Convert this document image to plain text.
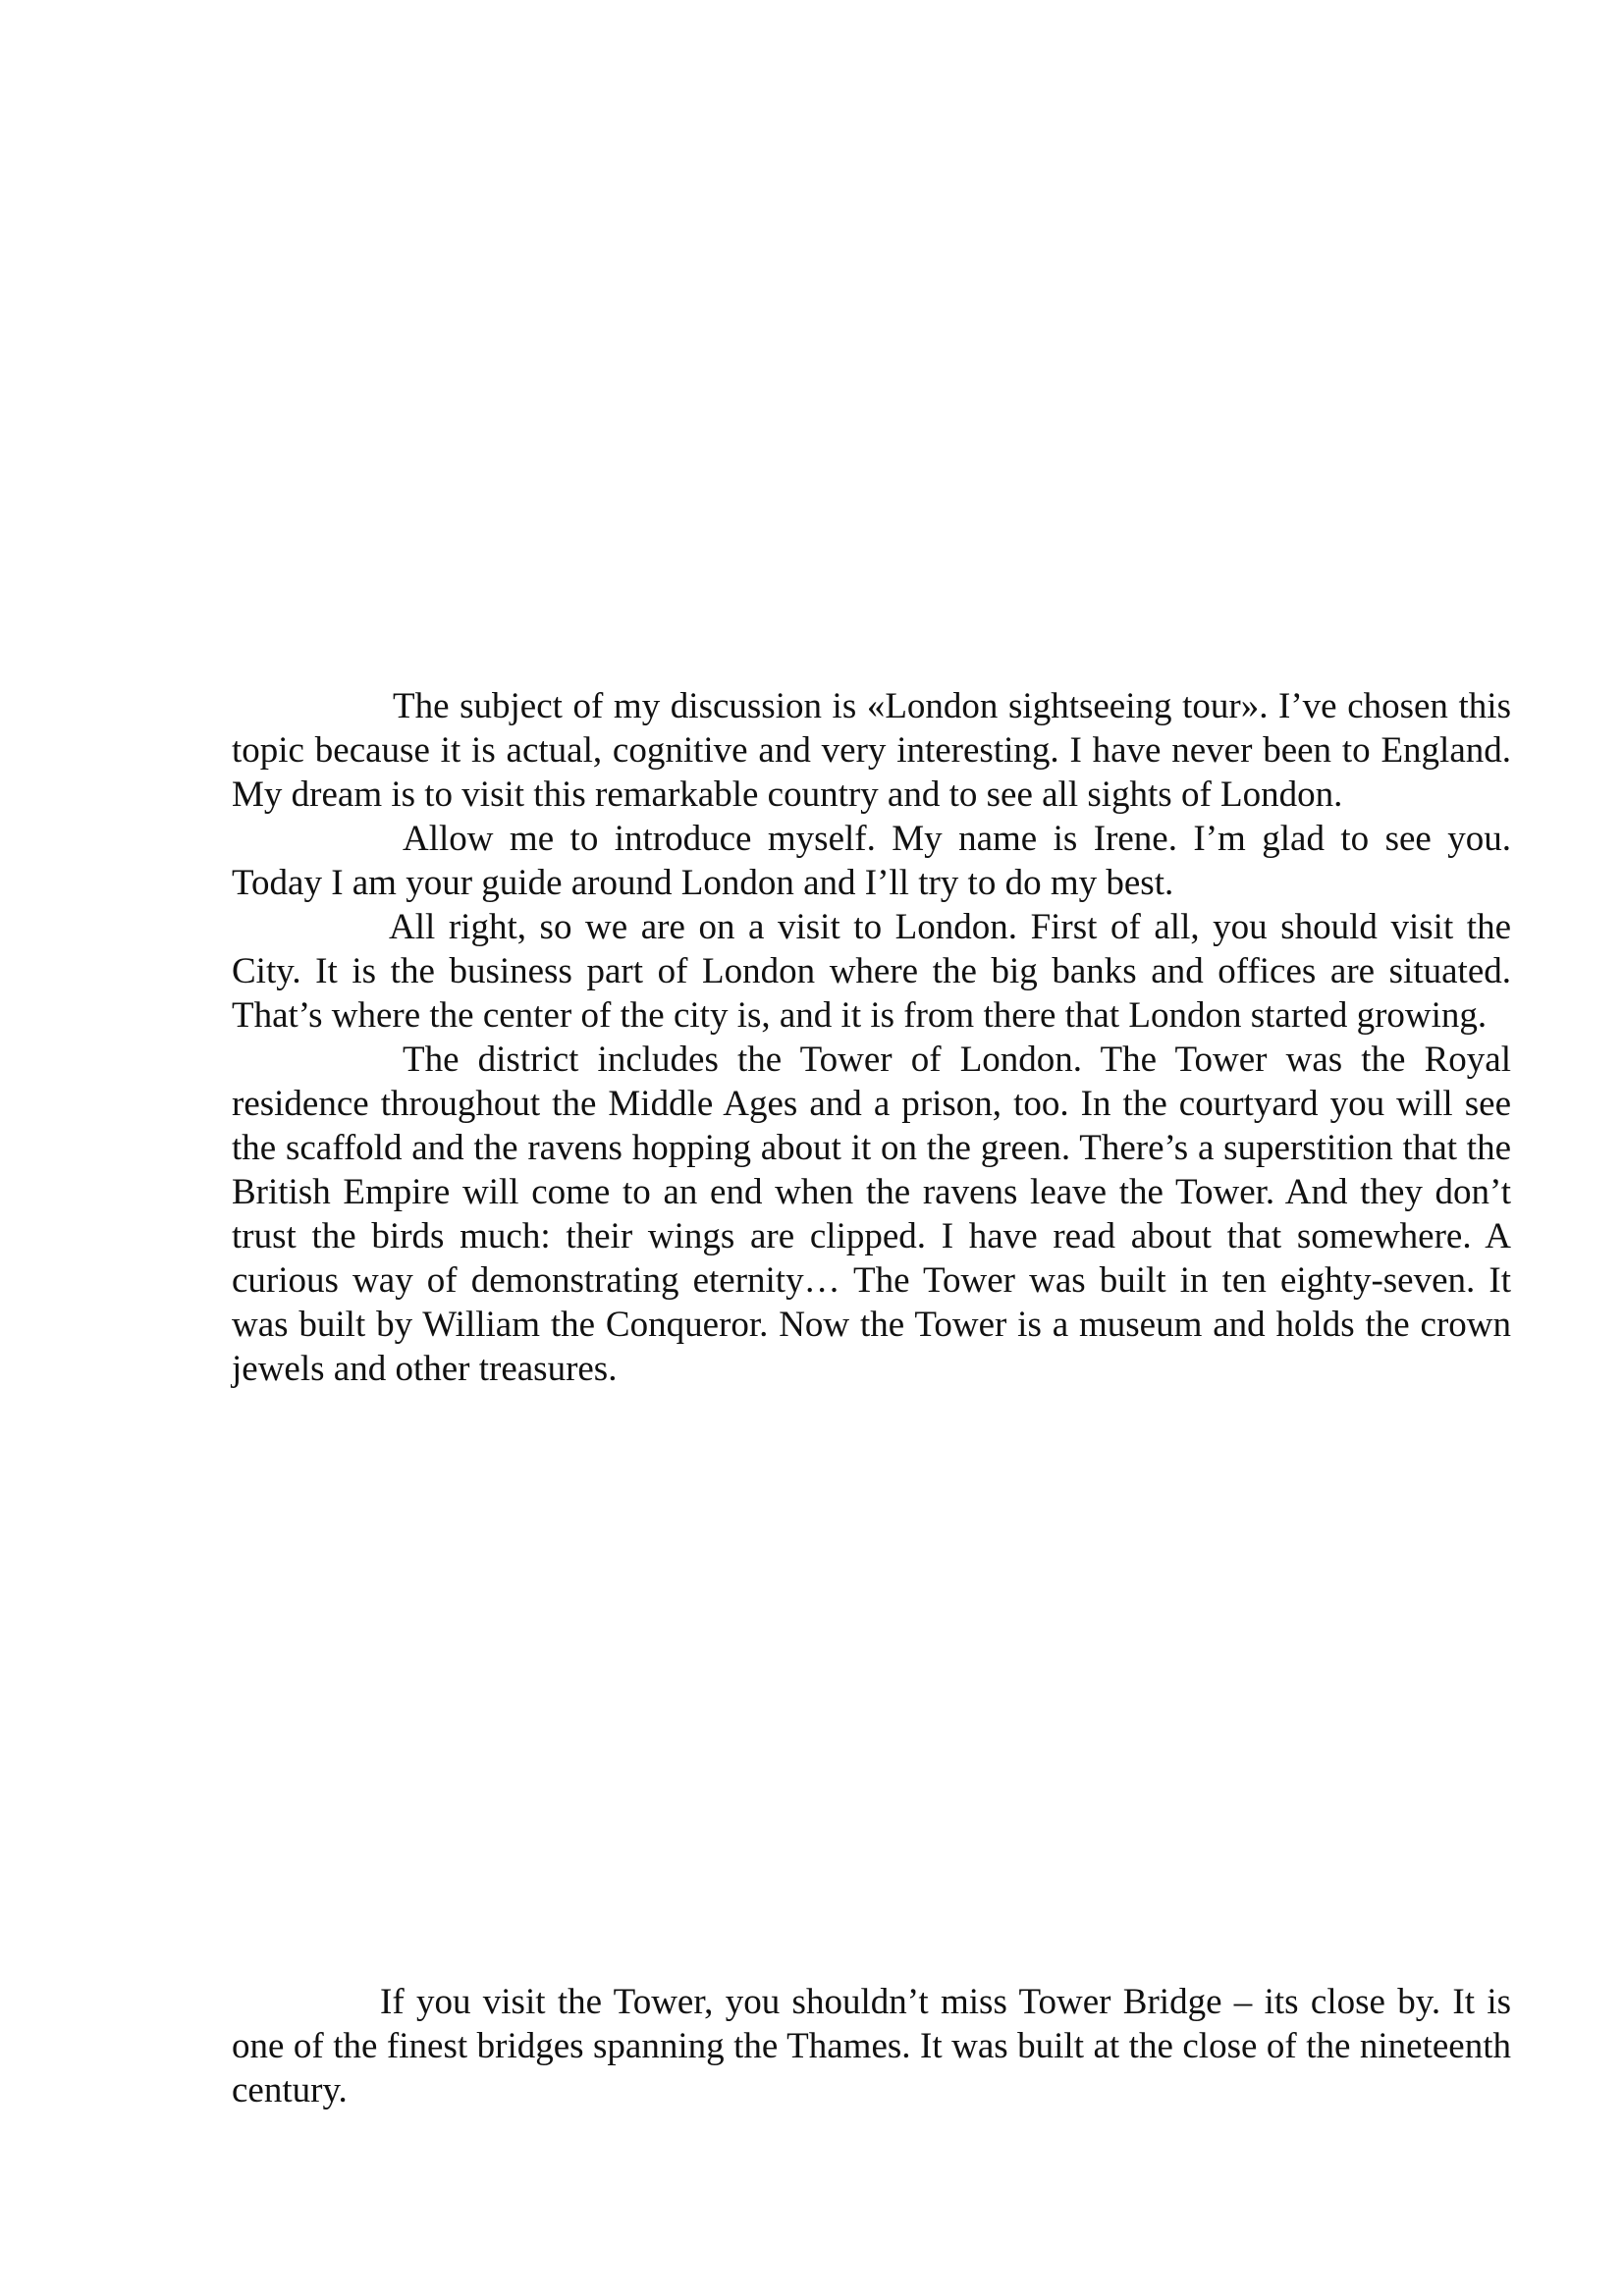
The subject of my discussion is «London sightseeing tour». I’ve chosen this topic because it is actual, cognitive and very interesting. I have never been to England. My dream is to visit this remarkable country and to see all sights of London.

Allow me to introduce myself. My name is Irene. I’m glad to see you. Today I am your guide around London and I’ll try to do my best.

All right, so we are on a visit to London. First of all, you should visit the City. It is the business part of London where the big banks and offices are situated. That’s where the center of the city is, and it is from there that London started growing.

The district includes the Tower of London. The Tower was the Royal residence throughout the Middle Ages and a prison, too. In the courtyard you will see the scaffold and the ravens hopping about it on the green. There’s a superstition that the British Empire will come to an end when the ravens leave the Tower. And they don’t trust the birds much: their wings are clipped. I have read about that somewhere. A curious way of demonstrating eternity… The Tower was built in ten eighty-seven. It was built by William the Conqueror. Now the Tower is a museum and holds the crown jewels and other treasures.

If you visit the Tower, you shouldn’t miss Tower Bridge – its close by. It is one of the finest bridges spanning the Thames. It was built at the close of the nineteenth century.
